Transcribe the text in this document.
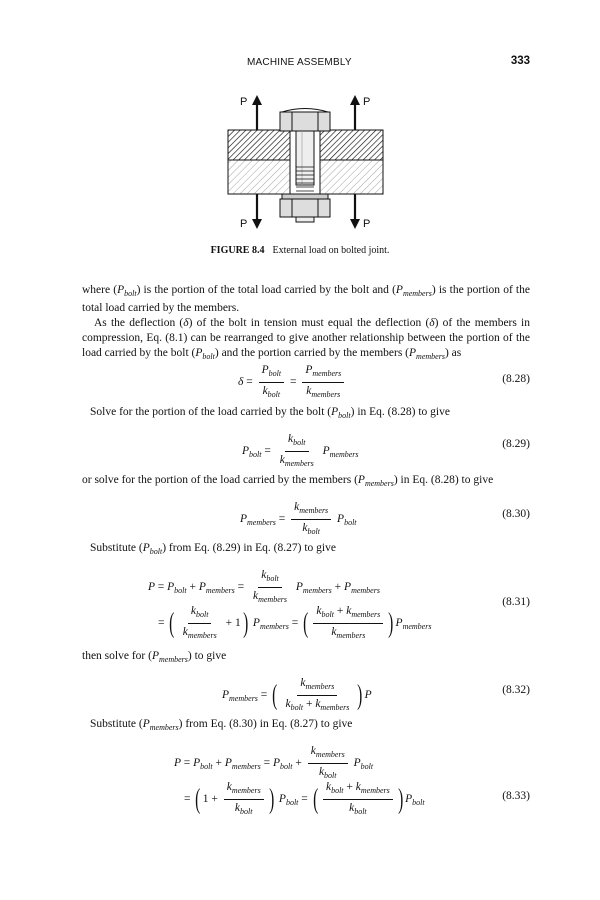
MACHINE ASSEMBLY	333
P	P
P	P
FIGURE 8.4 External load on bolted joint.

where $(P_{bolt})$ is the portion of the total load carried by the bolt and $(P_{members})$ is the portion of the total load carried by the members.

As the deflection (δ) of the bolt in tension must equal the deflection (δ) of the members in compression, Eq. (8.1) can be rearranged to give another relationship between the portion of the load carried by the bolt $(P_{bolt})$ and the portion carried by the members $(P_{members})$ as

$\delta = \frac{P_{bolt}}{k_{bolt}} = \frac{P_{members}}{k_{members}}$	(8.28)
Solve for the portion of the load carried by the bolt $(P_{bolt})$ in Eq. (8.28) to give
$P_{bolt} = \frac{k_{bolt}}{k_{members}} P_{members}$
(8.29)
or solve for the portion of the load carried by the members $(P_{members})$ in Eq. (8.28) to give
$P_{members} = \frac{k_{members}}{k_{bolt}} P_{bolt}$
(8.30)
Substitute $(P_{bolt})$ from Eq. (8.29) in Eq. (8.27) to give
$P = P_{bolt} + P_{members} = \frac{k_{bolt}}{k_{members}} P_{members} + P_{members}$
= ( $\frac{k_{bolt}}{k_{members}} + 1$) $P_{members}$ = ( $\frac{k_{bolt} + k_{members}}{k_{members}}$ ) $P_{members}$
(8.31)
then solve for $(P_{members})$ to give
$P_{members}$ = ( $\frac{k_{members}}{k_{bolt} + k_{members}}$ ) P	(8.32)
Substitute $(P_{members})$ from Eq. (8.30) in Eq. (8.27) to give
$P = P_{bolt} + P_{members} = P_{bolt} + \frac{k_{members}}{k_{bolt}} P_{bolt}$
= ( $1 + \frac{k_{members}}{k_{bolt}}$ ) $P_{bolt}$ = ( $\frac{k_{bolt} + k_{members}}{k_{bolt}}$ ) $P_{bolt}$
(8.33)
